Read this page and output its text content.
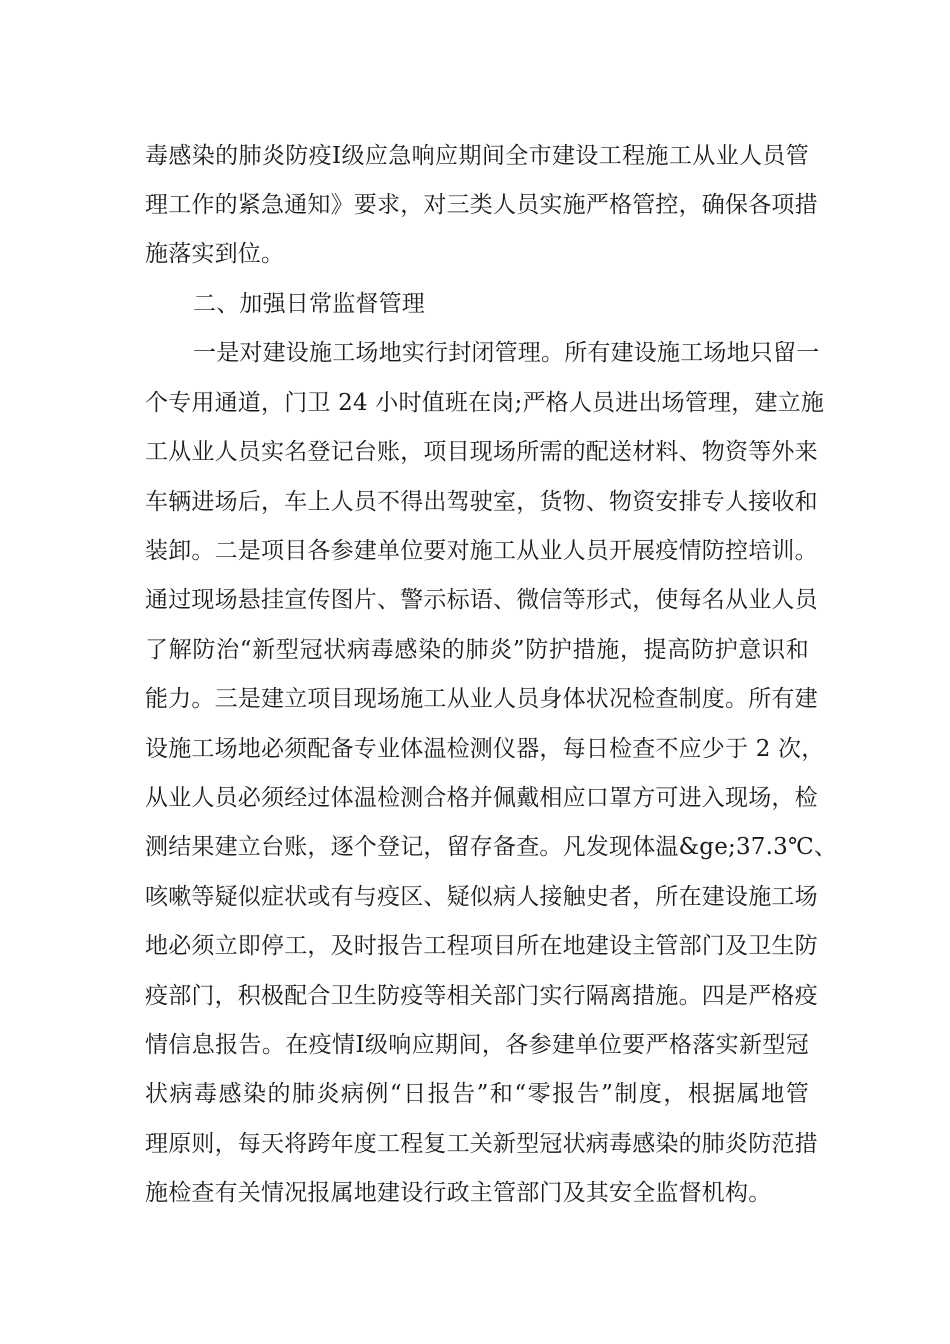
毒感染的肺炎防疫Ⅰ级应急响应期间全市建设工程施工从业人员管
理工作的紧急通知》要求，对三类人员实施严格管控，确保各项措
施落实到位。
二、加强日常监督管理
一是对建设施工场地实行封闭管理。所有建设施工场地只留一
个专用通道，门卫 24 小时值班在岗;严格人员进出场管理，建立施
工从业人员实名登记台账，项目现场所需的配送材料、物资等外来
车辆进场后，车上人员不得出驾驶室，货物、物资安排专人接收和
装卸。二是项目各参建单位要对施工从业人员开展疫情防控培训。
通过现场悬挂宣传图片、警示标语、微信等形式，使每名从业人员
了解防治“新型冠状病毒感染的肺炎”防护措施，提高防护意识和
能力。三是建立项目现场施工从业人员身体状况检查制度。所有建
设施工场地必须配备专业体温检测仪器，每日检查不应少于 2 次，
从业人员必须经过体温检测合格并佩戴相应口罩方可进入现场，检
测结果建立台账，逐个登记，留存备查。凡发现体温&ge;37.3℃、
咳嗽等疑似症状或有与疫区、疑似病人接触史者，所在建设施工场
地必须立即停工，及时报告工程项目所在地建设主管部门及卫生防
疫部门，积极配合卫生防疫等相关部门实行隔离措施。四是严格疫
情信息报告。在疫情Ⅰ级响应期间，各参建单位要严格落实新型冠
状病毒感染的肺炎病例“日报告”和“零报告”制度，根据属地管
理原则，每天将跨年度工程复工关新型冠状病毒感染的肺炎防范措
施检查有关情况报属地建设行政主管部门及其安全监督机构。
